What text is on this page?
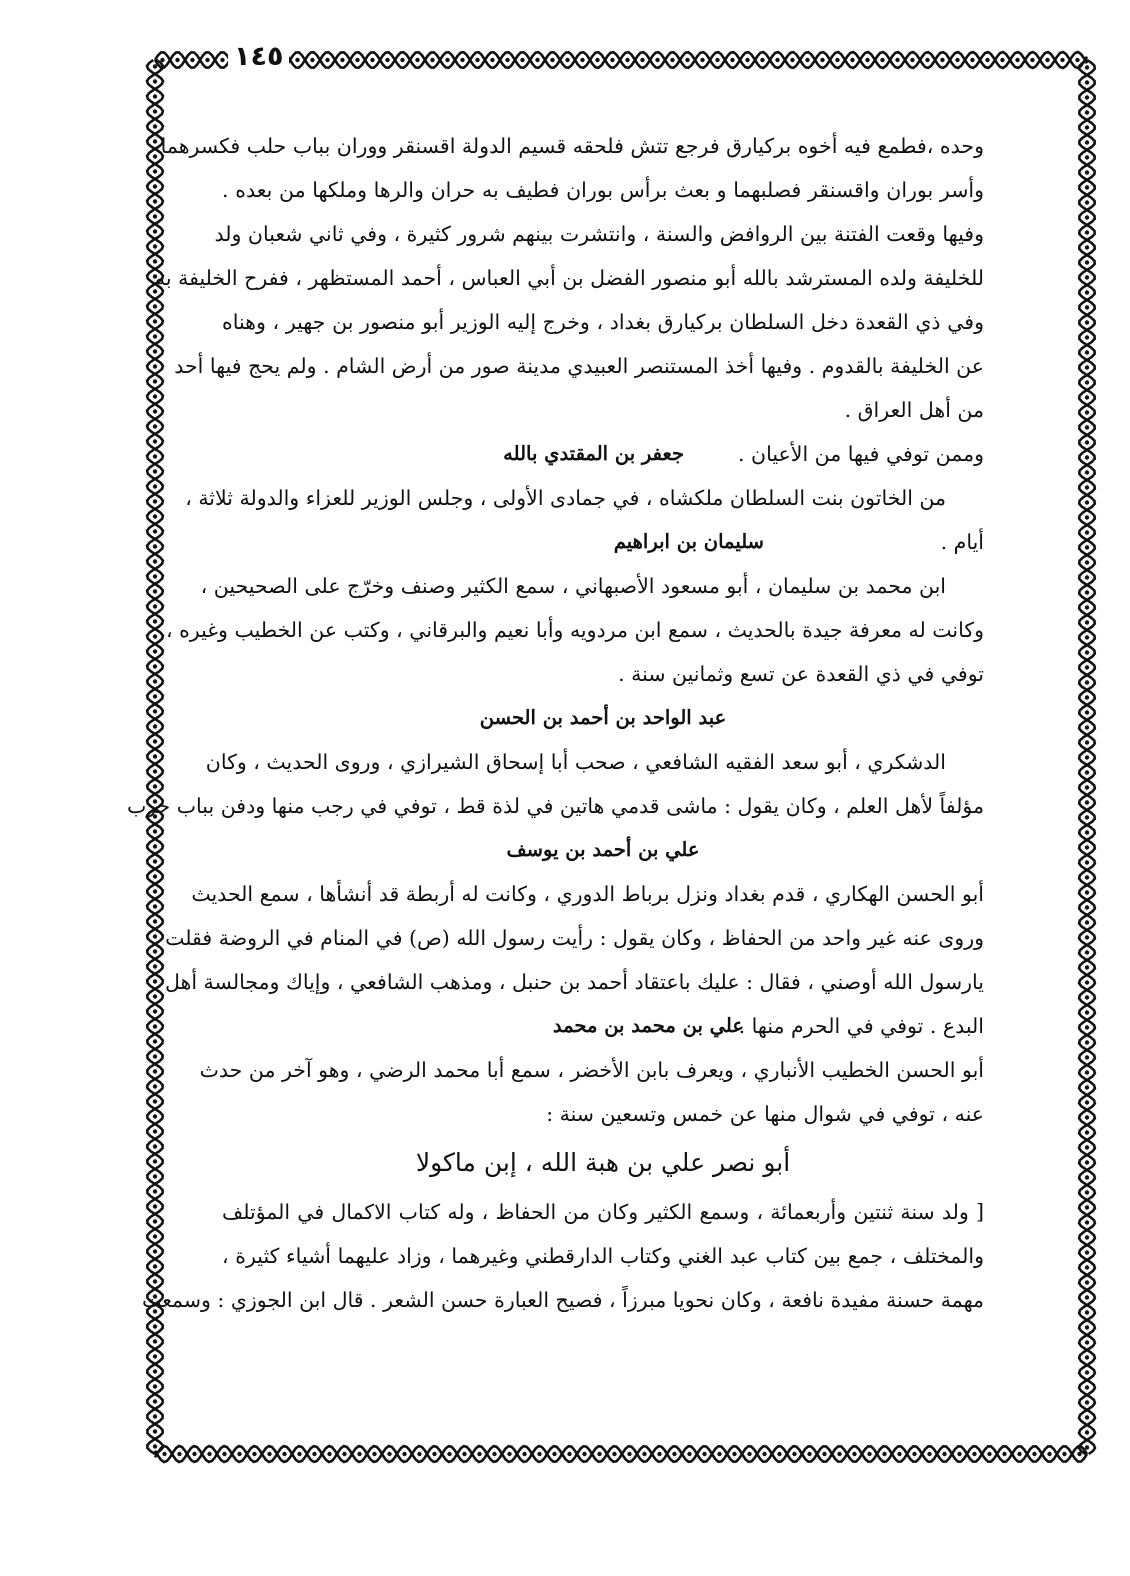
١٤٥
وحده ،فطمع فيه أخوه بركيارق فرجع تتش فلحقه قسيم الدولة اقسنقر ووران بباب حلب فكسرهما
وأسر بوران واقسنقر فصلبهما و بعث برأس بوران فطيف به حران والرها وملكها من بعده .
وفيها وقعت الفتنة بين الروافض والسنة ، وانتشرت بينهم شرور كثيرة ، وفي ثاني شعبان ولد
للخليفة ولده المسترشد بالله أبو منصور الفضل بن أبي العباس ، أحمد المستظهر ، ففرح الخليفة به
وفي ذي القعدة دخل السلطان بركيارق بغداد ، وخرج إليه الوزير أبو منصور بن جهير ، وهناه
عن الخليفة بالقدوم . وفيها أخذ المستنصر العبيدي مدينة صور من أرض الشام . ولم يحج فيها أحد
من أهل العراق .
وممن توفي فيها من الأعيان .
جعفر بن المقتدي بالله
من الخاتون بنت السلطان ملكشاه ، في جمادى الأولى ، وجلس الوزير للعزاء والدولة ثلاثة ،
أيام .
سليمان بن ابراهيم
ابن محمد بن سليمان ، أبو مسعود الأصبهاني ، سمع الكثير وصنف وخرّج على الصحيحين ،
وكانت له معرفة جيدة بالحديث ، سمع ابن مردويه وأبا نعيم والبرقاني ، وكتب عن الخطيب وغيره ،
توفي في ذي القعدة عن تسع وثمانين سنة .
عبد الواحد بن أحمد بن الحسن
الدشكري ، أبو سعد الفقيه الشافعي ، صحب أبا إسحاق الشيرازي ، وروى الحديث ، وكان
مؤلفاً لأهل العلم ، وكان يقول : ماشى قدمي هاتين في لذة قط ، توفي في رجب منها ودفن بباب حرب
علي بن أحمد بن يوسف
أبو الحسن الهكاري ، قدم بغداد ونزل برباط الدوري ، وكانت له أربطة قد أنشأها ، سمع الحديث
وروى عنه غير واحد من الحفاظ ، وكان يقول : رأيت رسول الله (ص) في المنام في الروضة فقلت :
يارسول الله أوصني ، فقال : عليك باعتقاد أحمد بن حنبل ، ومذهب الشافعي ، وإياك ومجالسة أهل
البدع . توفي في الحرم منها .
علي بن محمد بن محمد
أبو الحسن الخطيب الأنباري ، ويعرف بابن الأخضر ، سمع أبا محمد الرضي ، وهو آخر من حدث
عنه ، توفي في شوال منها عن خمس وتسعين سنة :
أبو نصر علي بن هبة الله ، إبن ماكولا
[ ولد سنة ثنتين وأربعمائة ، وسمع الكثير وكان من الحفاظ ، وله كتاب الاكمال في المؤتلف
والمختلف ، جمع بين كتاب عبد الغني وكتاب الدارقطني وغيرهما ، وزاد عليهما أشياء كثيرة ،
مهمة حسنة مفيدة نافعة ، وكان نحويا مبرزاً ، فصيح العبارة حسن الشعر . قال ابن الجوزي : وسمعت
